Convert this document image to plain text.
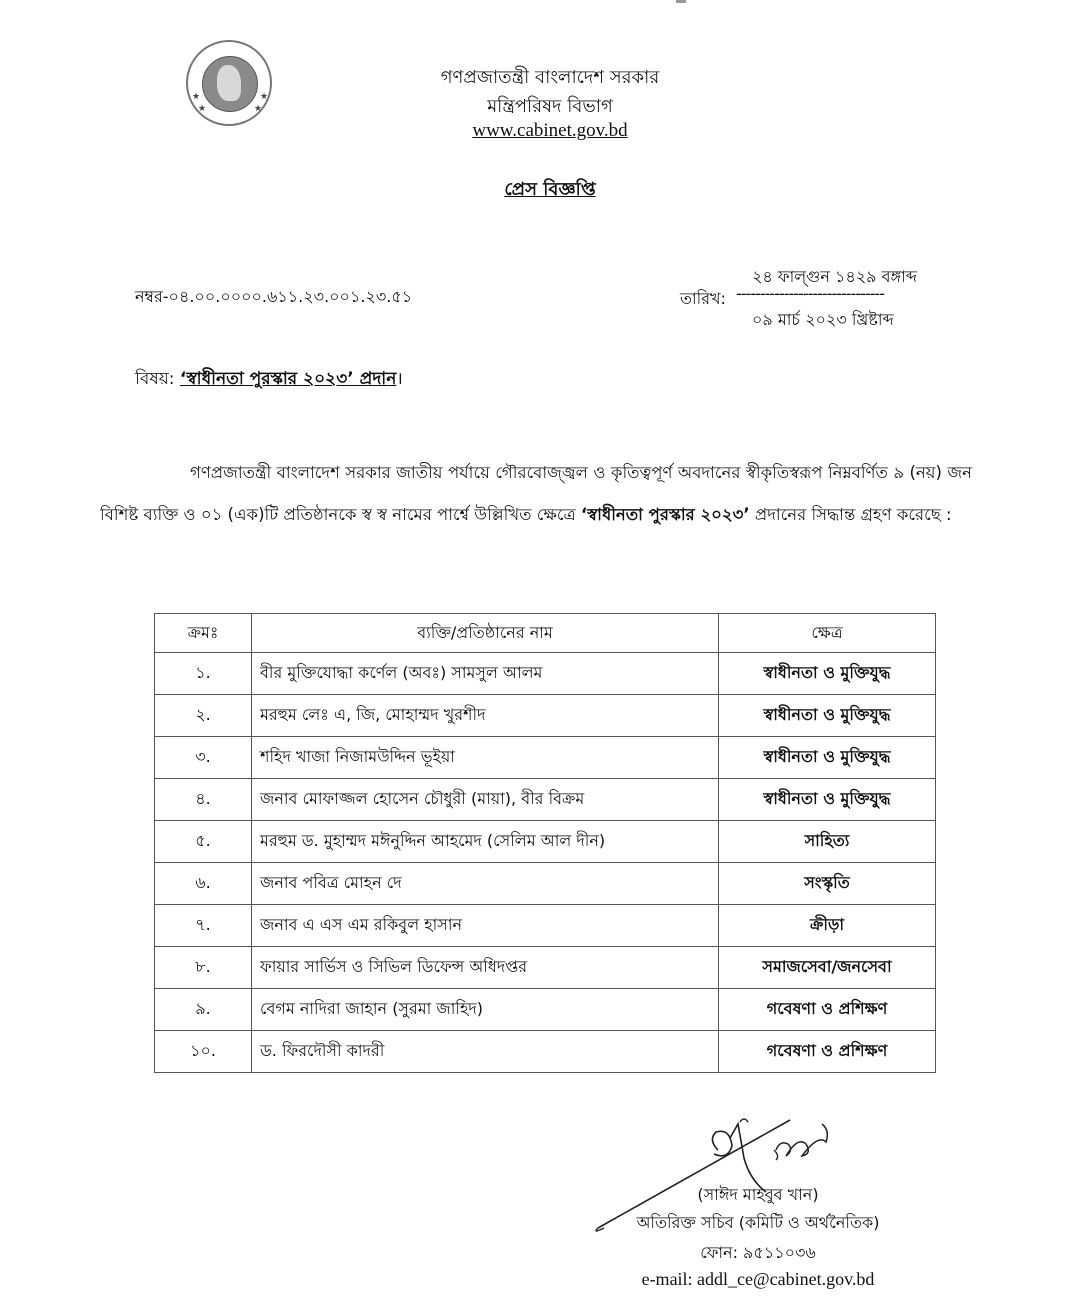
★	★
★	★
গণপ্রজাতন্ত্রী বাংলাদেশ সরকার
মন্ত্রিপরিষদ বিভাগ
www.cabinet.gov.bd
প্রেস বিজ্ঞপ্তি
নম্বর-০৪.০০.০০০০.৬১১.২৩.০০১.২৩.৫১
২৪ ফাল্গুন ১৪২৯ বঙ্গাব্দ
তারিখ: -------------------------------
০৯ মার্চ ২০২৩ খ্রিষ্টাব্দ
বিষয়: ‘স্বাধীনতা পুরস্কার ২০২৩’ প্রদান।
গণপ্রজাতন্ত্রী বাংলাদেশ সরকার জাতীয় পর্যায়ে গৌরবোজ্জ্বল ও কৃতিত্বপূর্ণ অবদানের স্বীকৃতিস্বরূপ নিম্নবর্ণিত ৯ (নয়) জন বিশিষ্ট ব্যক্তি ও ০১ (এক)টি প্রতিষ্ঠানকে স্ব স্ব নামের পার্শ্বে উল্লিখিত ক্ষেত্রে ‘স্বাধীনতা পুরস্কার ২০২৩’ প্রদানের সিদ্ধান্ত গ্রহণ করেছে :
ক্রমঃ	ব্যক্তি/প্রতিষ্ঠানের নাম	ক্ষেত্র
১.	বীর মুক্তিযোদ্ধা কর্ণেল (অবঃ) সামসুল আলম	স্বাধীনতা ও মুক্তিযুদ্ধ
২.	মরহুম লেঃ এ, জি, মোহাম্মদ খুরশীদ	স্বাধীনতা ও মুক্তিযুদ্ধ
৩.	শহিদ খাজা নিজামউদ্দিন ভূইয়া	স্বাধীনতা ও মুক্তিযুদ্ধ
৪.	জনাব মোফাজ্জল হোসেন চৌধুরী (মায়া), বীর বিক্রম	স্বাধীনতা ও মুক্তিযুদ্ধ
৫.	মরহুম ড. মুহাম্মদ মঈনুদ্দিন আহমেদ (সেলিম আল দীন)	সাহিত্য
৬.	জনাব পবিত্র মোহন দে	সংস্কৃতি
৭.	জনাব এ এস এম রকিবুল হাসান	ক্রীড়া
৮.	ফায়ার সার্ভিস ও সিভিল ডিফেন্স অধিদপ্তর	সমাজসেবা/জনসেবা
৯.	বেগম নাদিরা জাহান (সুরমা জাহিদ)	গবেষণা ও প্রশিক্ষণ
১০.	ড. ফিরদৌসী কাদরী	গবেষণা ও প্রশিক্ষণ
(সাঈদ মাহবুব খান)
অতিরিক্ত সচিব (কমিটি ও অর্থনৈতিক)
ফোন: ৯৫১১০৩৬
e-mail: addl_ce@cabinet.gov.bd
